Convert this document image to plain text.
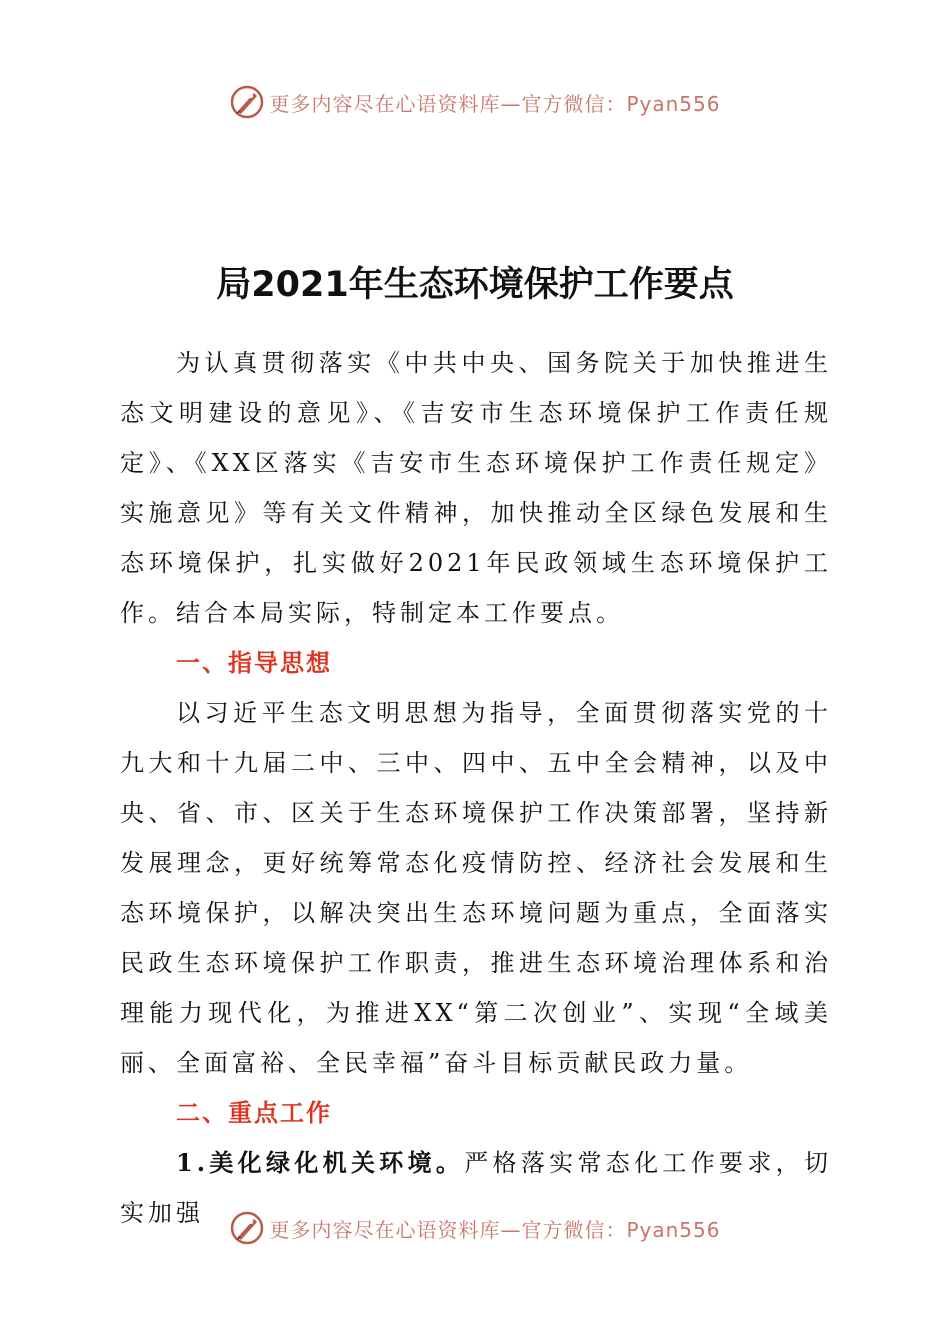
更多内容尽在心语资料库—官方微信：Pyan556
局2021年生态环境保护工作要点

为认真贯彻落实《中共中央、国务院关于加快推进生态文明建设的意见》、《吉安市生态环境保护工作责任规定》、《XX区落实《吉安市生态环境保护工作责任规定》实施意见》等有关文件精神，加快推动全区绿色发展和生态环境保护，扎实做好2021年民政领域生态环境保护工作。结合本局实际，特制定本工作要点。

一、指导思想

以习近平生态文明思想为指导，全面贯彻落实党的十九大和十九届二中、三中、四中、五中全会精神，以及中央、省、市、区关于生态环境保护工作决策部署，坚持新发展理念，更好统筹常态化疫情防控、经济社会发展和生态环境保护，以解决突出生态环境问题为重点，全面落实民政生态环境保护工作职责，推进生态环境治理体系和治理能力现代化，为推进XX“第二次创业”、实现“全域美丽、全面富裕、全民幸福”奋斗目标贡献民政力量。

二、重点工作

1.美化绿化机关环境。严格落实常态化工作要求，切实加强

更多内容尽在心语资料库—官方微信：Pyan556
